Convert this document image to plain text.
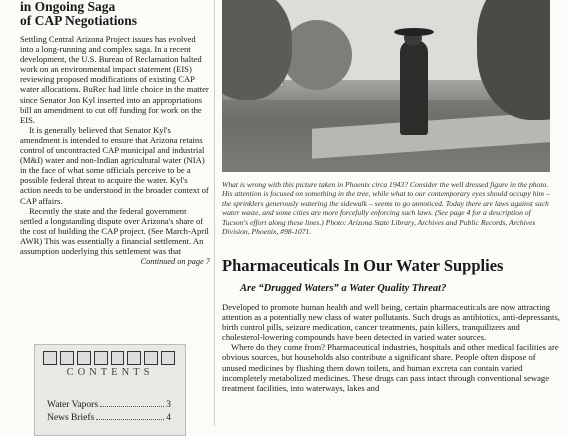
in Ongoing Saga
of CAP Negotiations

Settling Central Arizona Project issues has evolved into a long-running and complex saga. In a recent development, the U.S. Bureau of Reclamation halted work on an environmental impact statement (EIS) reviewing proposed modifications of existing CAP water allocations. BuRec had little choice in the matter since Senator Jon Kyl inserted into an appropriations bill an amendment to cut off funding for work on the EIS.

It is generally believed that Senator Kyl's amendment is intended to ensure that Arizona retains control of uncontracted CAP municipal and industrial (M&I) water and non-Indian agricultural water (NIA) in the face of what some officials perceive to be a possible federal threat to acquire the water. Kyl's action needs to be understood in the broader context of CAP affairs.

Recently the state and the federal government settled a longstanding dispute over Arizona's share of the cost of building the CAP project. (See March-April AWR) This was essentially a financial settlement. An assumption underlying this settlement was that

Continued on page 7
CONTENTS
Water Vapors	3
News Briefs	4

What is wrong with this picture taken in Phoenix circa 1943? Consider the well dressed figure in the photo. His attention is focused on something in the tree, while what to our contemporary eyes should occupy him – the sprinklers generously watering the sidewalk – seems to go unnoticed. Today there are laws against such water waste, and some cities are more forcefully enforcing such laws. (See page 4 for a description of Tucson's effort along these lines.) Photo: Arizona State Library, Archives and Public Records, Archives Division, Phoenix, #98-1071.

Pharmaceuticals In Our Water Supplies
Are “Drugged Waters” a Water Quality Threat?

Developed to promote human health and well being, certain pharmaceuticals are now attracting attention as a potentially new class of water pollutants. Such drugs as antibiotics, anti-depressants, birth control pills, seizure medication, cancer treatments, pain killers, tranquilizers and cholesterol-lowering compounds have been detected in varied water sources.

Where do they come from? Pharmaceutical industries, hospitals and other medical facilities are obvious sources, but households also contribute a significant share. People often dispose of unused medicines by flushing them down toilets, and human excreta can contain varied incompletely metabolized medicines. These drugs can pass intact through conventional sewage treatment facilities, into waterways, lakes and
